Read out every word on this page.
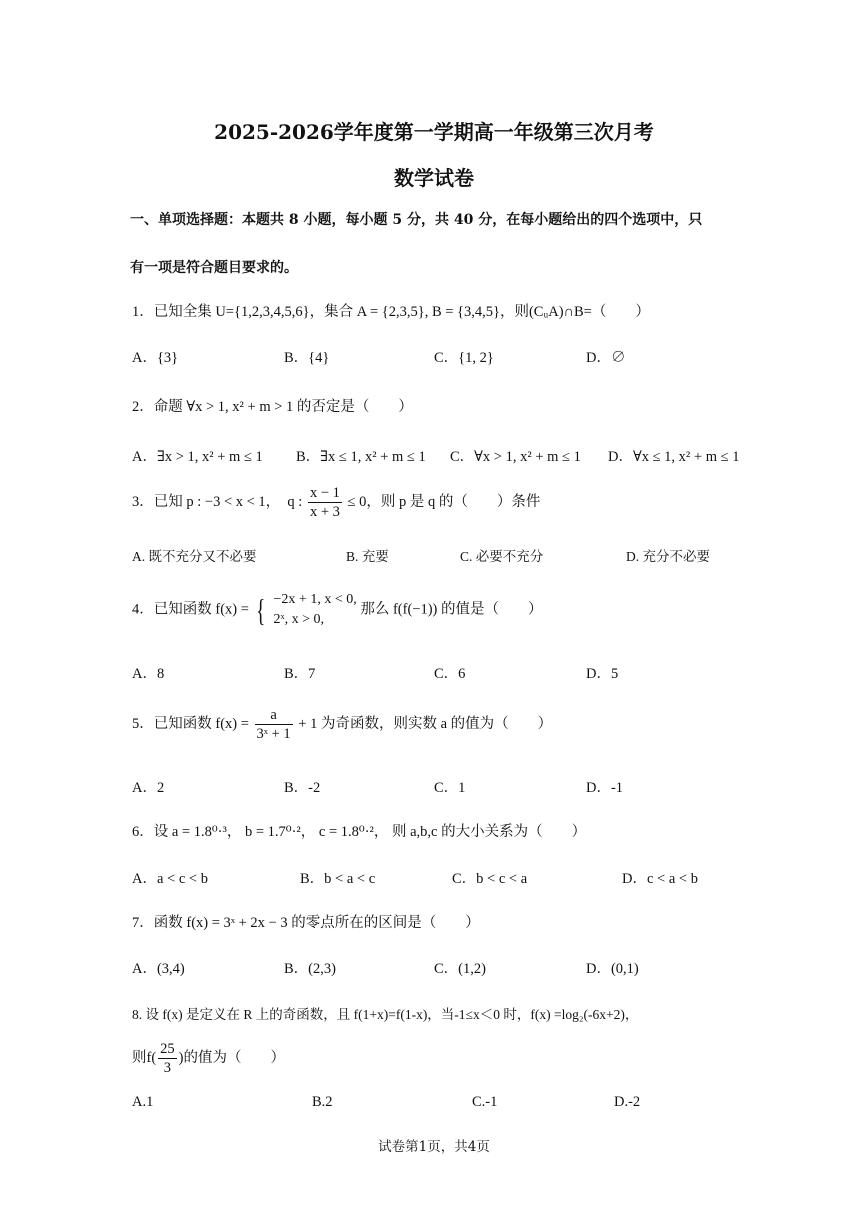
2025-2026学年度第一学期高一年级第三次月考
数学试卷
一、单项选择题：本题共 8 小题，每小题 5 分，共 40 分，在每小题给出的四个选项中，只
有一项是符合题目要求的。
1．已知全集 U={1,2,3,4,5,6}，集合 A = {2,3,5}, B = {3,4,5}，则(CᵤA)∩B=（　　）
A．{3}	B．{4}	C．{1, 2}	D．∅
2．命题 ∀x > 1, x² + m > 1 的否定是（　　）
A．∃x > 1, x² + m ≤ 1 B．∃x ≤ 1, x² + m ≤ 1 C．∀x > 1, x² + m ≤ 1 D．∀x ≤ 1, x² + m ≤ 1
3．已知 p : −3 < x < 1，　q : $\frac{x - 1}{x + 3} \le 0$，则 p 是 q 的（　　）条件
A. 既不充分又不必要	B. 充要	C. 必要不充分	D. 充分不必要
4．已知函数 f(x) = { −2x + 1, x < 0,
2ˣ, x > 0,
那么 f(f(−1)) 的值是（　　）
A．8	B．7	C．6	D．5
5．已知函数 $f(x) = \frac{a}{\text{3ˣ + 1}} + 1$ 为奇函数，则实数 a 的值为（　　）
A．2	B．-2	C．1	D．-1
6．设 a = 1.8⁰·³， b = 1.7⁰·²， c = 1.8⁰·²， 则 a,b,c 的大小关系为（　　）
A．a < c < b	B．b < a < c	C．b < c < a	D．c < a < b
7．函数 f(x) = 3ˣ + 2x − 3 的零点所在的区间是（　　）
A．(3,4)	B．(2,3)	C．(1,2)	D．(0,1)
8. 设 f(x) 是定义在 R 上的奇函数，且 f(1+x)=f(1-x)，当-1≤x＜0 时，f(x) =log₂(-6x+2)，
则$f( \frac{25}{3}$ )的值为（　　）
A.1	B.2	C.-1	D.-2
试卷第1页，共4页
